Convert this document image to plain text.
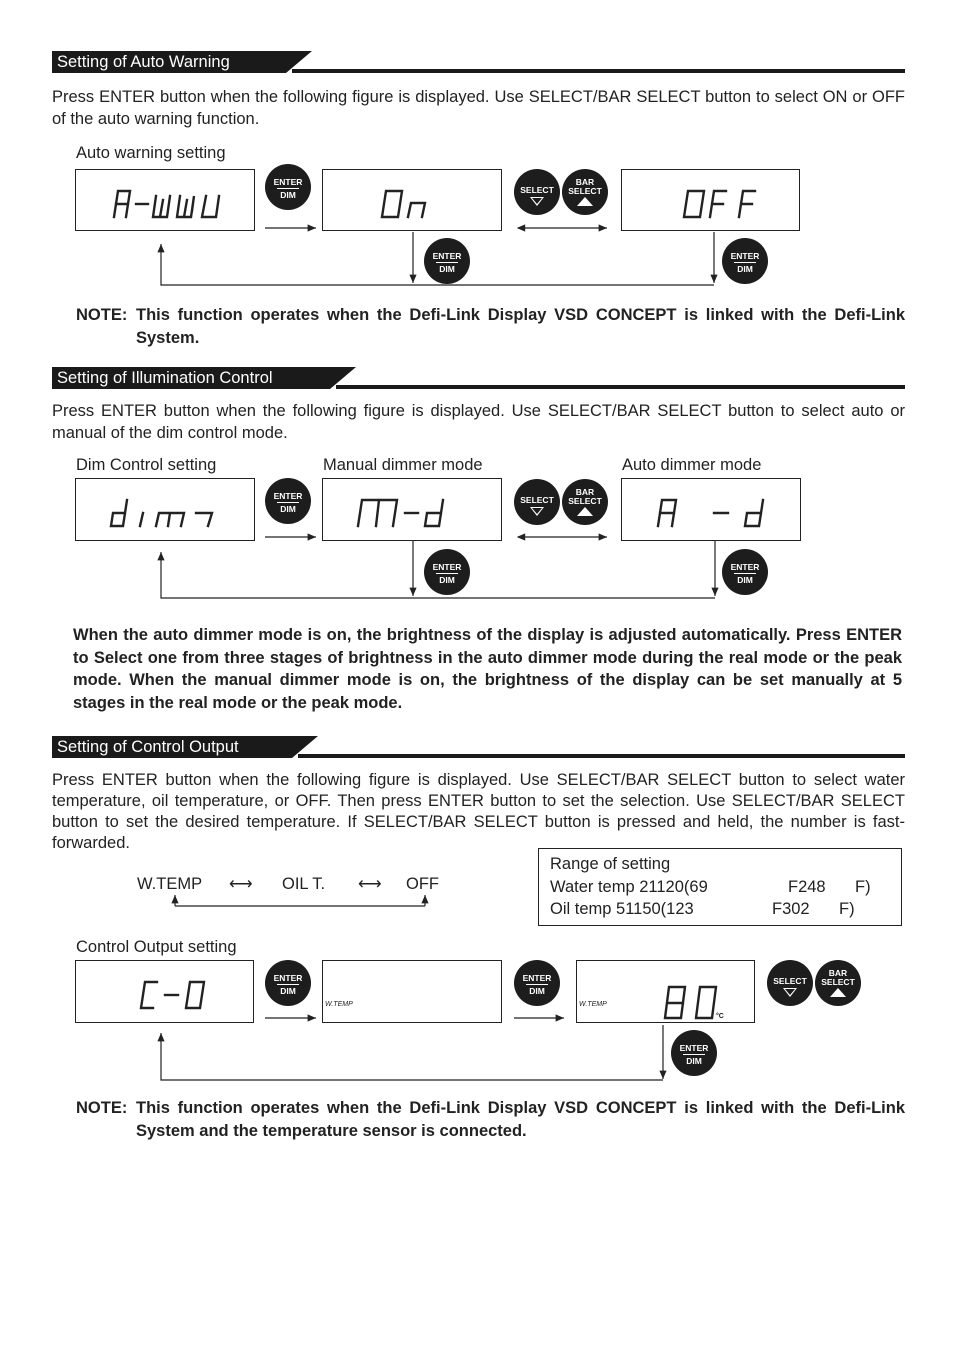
Setting of Auto Warning
Press ENTER button when the following figure is displayed. Use SELECT/BAR SELECT button to select ON or OFF of the auto warning function.
Auto warning setting
ENTER
DIM	SELECT
BAR
SELECT
ENTER
DIM
ENTER
DIM
NOTE: This function operates when the Defi-Link Display VSD CONCEPT is linked with the Defi-Link System.
Setting of Illumination Control
Press ENTER button when the following figure is displayed. Use SELECT/BAR SELECT button to select auto or manual of the dim control mode.
Dim Control setting	Manual dimmer mode	Auto dimmer mode
ENTER
DIM
SELECT
BAR
SELECT
ENTER
DIM
ENTER
DIM
When the auto dimmer mode is on, the brightness of the display is adjusted automatically. Press ENTER to Select one from three stages of brightness in the auto dimmer mode during the real mode or the peak mode. When the manual dimmer mode is on, the brightness of the display can be set manually at 5 stages in the real mode or the peak mode.
Setting of Control Output
Press ENTER button when the following figure is displayed. Use SELECT/BAR SELECT button to select water temperature, oil temperature, or OFF. Then press ENTER button to set the selection. Use SELECT/BAR SELECT button to set the desired temperature. If SELECT/BAR SELECT button is pressed and held, the number is fast-forwarded.
W.TEMP ⟷ OIL T. ⟷ OFF
Range of setting
Water temp 21120(69	F248 F)
Oil temp 51150(123	F302 F)
Control Output setting
W.TEMP	W.TEMP
°C
ENTER
DIM
ENTER
DIM
SELECT
BAR
SELECT
ENTER
DIM
NOTE: This function operates when the Defi-Link Display VSD CONCEPT is linked with the Defi-Link System and the temperature sensor is connected.
